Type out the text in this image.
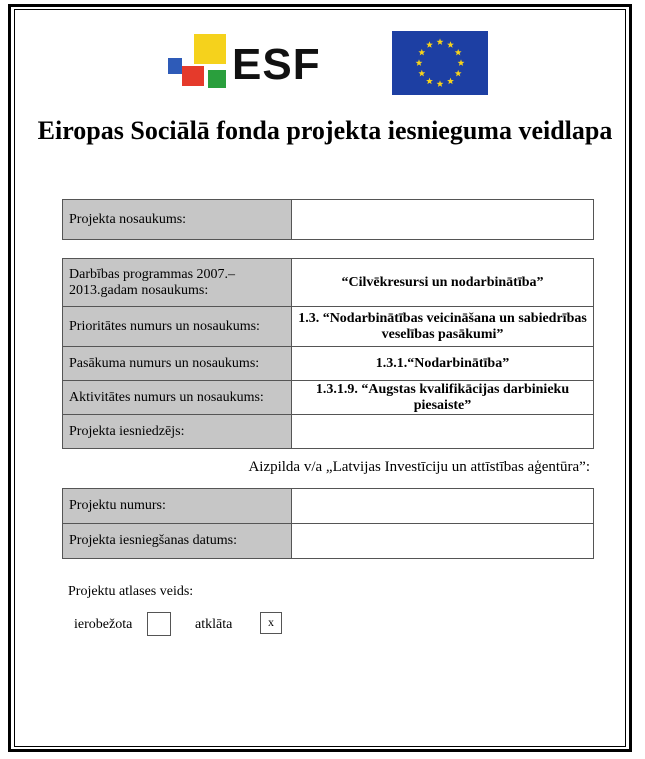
ESF
Eiropas Sociālā fonda projekta iesnieguma veidlapa
Projekta nosaukums:	
Darbības programmas 2007.–2013.gadam nosaukums:	“Cilvēkresursi un nodarbinātība”
Prioritātes numurs un nosaukums:	1.3. “Nodarbinātības veicināšana un sabiedrības veselības pasākumi”
Pasākuma numurs un nosaukums:	1.3.1.“Nodarbinātība”
Aktivitātes numurs un nosaukums:	1.3.1.9. “Augstas kvalifikācijas darbinieku piesaiste”
Projekta iesniedzējs:	
Aizpilda v/a „Latvijas Investīciju un attīstības aģentūra”:
Projektu numurs:	
Projekta iesniegšanas datums:	
Projektu atlases veids:
ierobežota	atklāta	x
